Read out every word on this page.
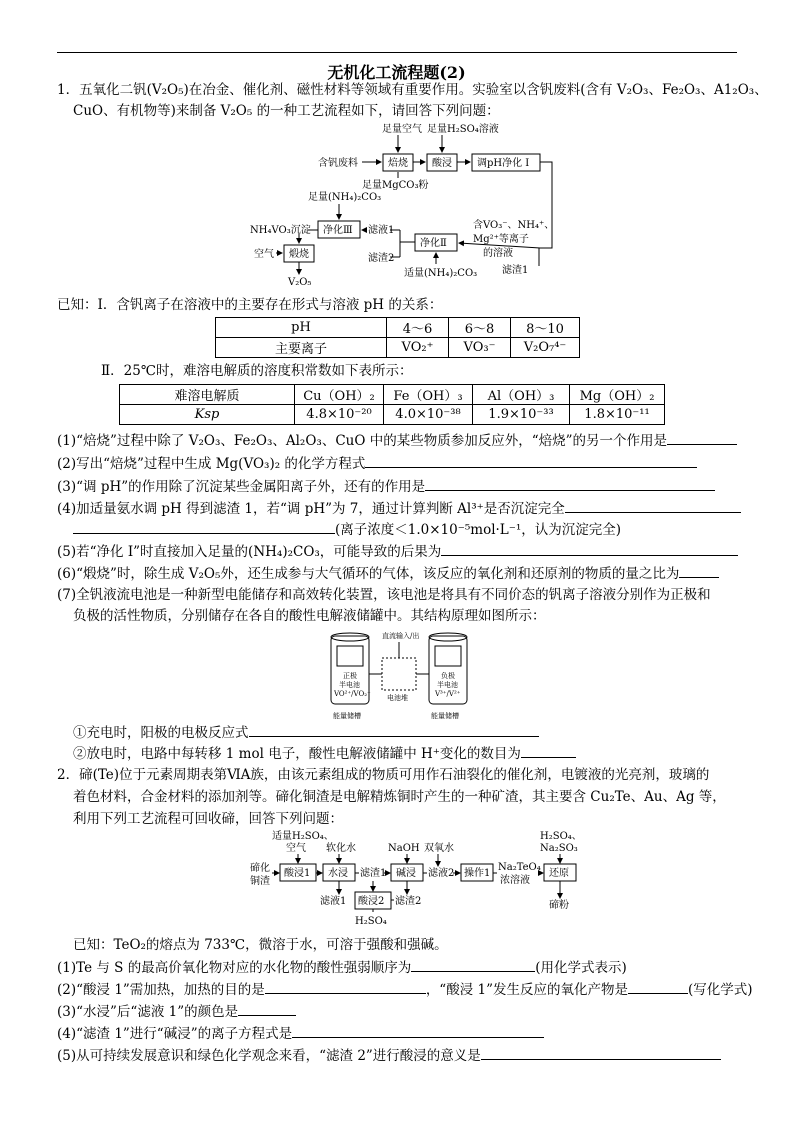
无机化工流程题(2)
1．五氧化二钒(V₂O₅)在冶金、催化剂、磁性材料等领域有重要作用。实验室以含钒废料(含有 V₂O₃、Fe₂O₃、A1₂O₃、
CuO、有机物等)来制备 V₂O₅ 的一种工艺流程如下，请回答下列问题：
足量空气 足量H₂SO₄溶液
含钒废料	焙烧 酸浸	调pH净化 I
足量MgCO₃粉
足量(NH₄)₂CO₃
NH₄VO₃沉淀 净化Ⅲ 滤液1
净化Ⅱ
含VO₃⁻、NH₄⁺、
Mg²⁺等离子
的溶液
空气 煅烧	滤渣2
适量(NH₄)₂CO₃ 滤渣1
V₂O₅
已知：Ⅰ．含钒离子在溶液中的主要存在形式与溶液 pH 的关系：
pH	4～6	6～8	8～10
主要离子	VO₂⁺	VO₃⁻	V₂O₇⁴⁻
Ⅱ．25℃时，难溶电解质的溶度积常数如下表所示：
难溶电解质	Cu（OH）₂	Fe（OH）₃	Al（OH）₃	Mg（OH）₂
Ksp	4.8×10⁻²⁰	4.0×10⁻³⁸	1.9×10⁻³³	1.8×10⁻¹¹
(1)“焙烧”过程中除了 V₂O₃、Fe₂O₃、Al₂O₃、CuO 中的某些物质参加反应外，“焙烧”的另一个作用是
(2)写出“焙烧”过程中生成 Mg(VO₃)₂ 的化学方程式
(3)“调 pH”的作用除了沉淀某些金属阳离子外，还有的作用是
(4)加适量氨水调 pH 得到滤渣 1，若“调 pH”为 7，通过计算判断 Al³⁺是否沉淀完全
(离子浓度＜1.0×10⁻⁵mol·L⁻¹，认为沉淀完全)
(5)若“净化 I”时直接加入足量的(NH₄)₂CO₃，可能导致的后果为
(6)“煅烧”时，除生成 V₂O₅外，还生成参与大气循环的气体，该反应的氧化剂和还原剂的物质的量之比为
(7)全钒液流电池是一种新型电能储存和高效转化装置，该电池是将具有不同价态的钒离子溶液分别作为正极和
负极的活性物质，分别储存在各自的酸性电解液储罐中。其结构原理如图所示：
直流输入/出
正极
半电池
VO²⁺/VO₂⁺ 电池堆
负极
半电池
V³⁺/V²⁺
能量储槽	能量储槽
①充电时，阳极的电极反应式
②放电时，电路中每转移 1 mol 电子，酸性电解液储罐中 H⁺变化的数目为
2．碲(Te)位于元素周期表第ⅥA族，由该元素组成的物质可用作石油裂化的催化剂，电镀液的光亮剂，玻璃的
着色材料，合金材料的添加剂等。碲化铜渣是电解精炼铜时产生的一种矿渣，其主要含 Cu₂Te、Au、Ag 等，
利用下列工艺流程可回收碲，回答下列问题：
适量H₂SO₄、
空气 软化水	NaOH 双氧水
H₂SO₄、
Na₂SO₃
碲化
铜渣
酸浸1 水浸 滤渣1 碱浸 滤液2 操作1
Na₂TeO₄
浓溶液
还原
滤液1 酸浸2 滤渣2
H₂SO₄
碲粉
已知：TeO₂的熔点为 733℃，微溶于水，可溶于强酸和强碱。
(1)Te 与 S 的最高价氧化物对应的水化物的酸性强弱顺序为	(用化学式表示)
(2)“酸浸 1”需加热，加热的目的是	，“酸浸 1”发生反应的氧化产物是	(写化学式)
(3)“水浸”后“滤液 1”的颜色是
(4)“滤渣 1”进行“碱浸”的离子方程式是
(5)从可持续发展意识和绿色化学观念来看，“滤渣 2”进行酸浸的意义是
